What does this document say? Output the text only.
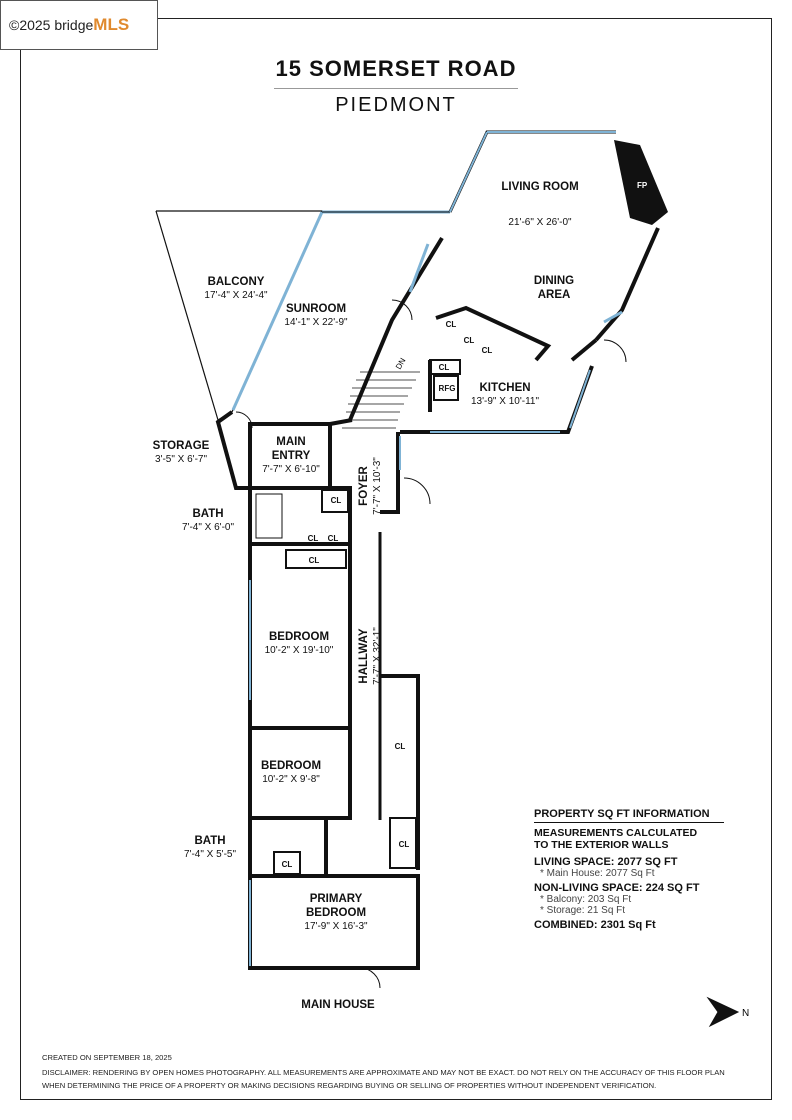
©2025 bridge MLS
15 SOMERSET ROAD
PIEDMONT
DN
FP
N
LIVING ROOM
21'-6" X 26'-0"
DINING
AREA
BALCONY
17'-4" X 24'-4"
SUNROOM
14'-1" X 22'-9"
KITCHEN
13'-9" X 10'-11"
STORAGE
3'-5" X 6'-7"
MAIN
ENTRY
7'-7" X 6'-10"	FOYER 7'-7" X 10'-3"
BATH
7'-4" X 6'-0"
BEDROOM
10'-2" X 19'-10"	HALLWAY 7'-7" X 32'-1"
BEDROOM
10'-2" X 9'-8"
BATH
7'-4" X 5'-5"
PRIMARY
BEDROOM
17'-9" X 16'-3"
CL
CL
CL
CL
RFG
CL
CL CL
CL
CL
CL
CL
MAIN HOUSE
PROPERTY SQ FT INFORMATION
MEASUREMENTS CALCULATED
TO THE EXTERIOR WALLS
LIVING SPACE: 2077 SQ FT
* Main House: 2077 Sq Ft
NON-LIVING SPACE: 224 SQ FT
* Balcony: 203 Sq Ft
* Storage: 21 Sq Ft
COMBINED: 2301 Sq Ft
CREATED ON SEPTEMBER 18, 2025
DISCLAIMER: RENDERING BY OPEN HOMES PHOTOGRAPHY. ALL MEASUREMENTS ARE APPROXIMATE AND MAY NOT BE EXACT. DO NOT RELY ON THE ACCURACY OF THIS FLOOR PLAN
WHEN DETERMINING THE PRICE OF A PROPERTY OR MAKING DECISIONS REGARDING BUYING OR SELLING OF PROPERTIES WITHOUT INDEPENDENT VERIFICATION.
